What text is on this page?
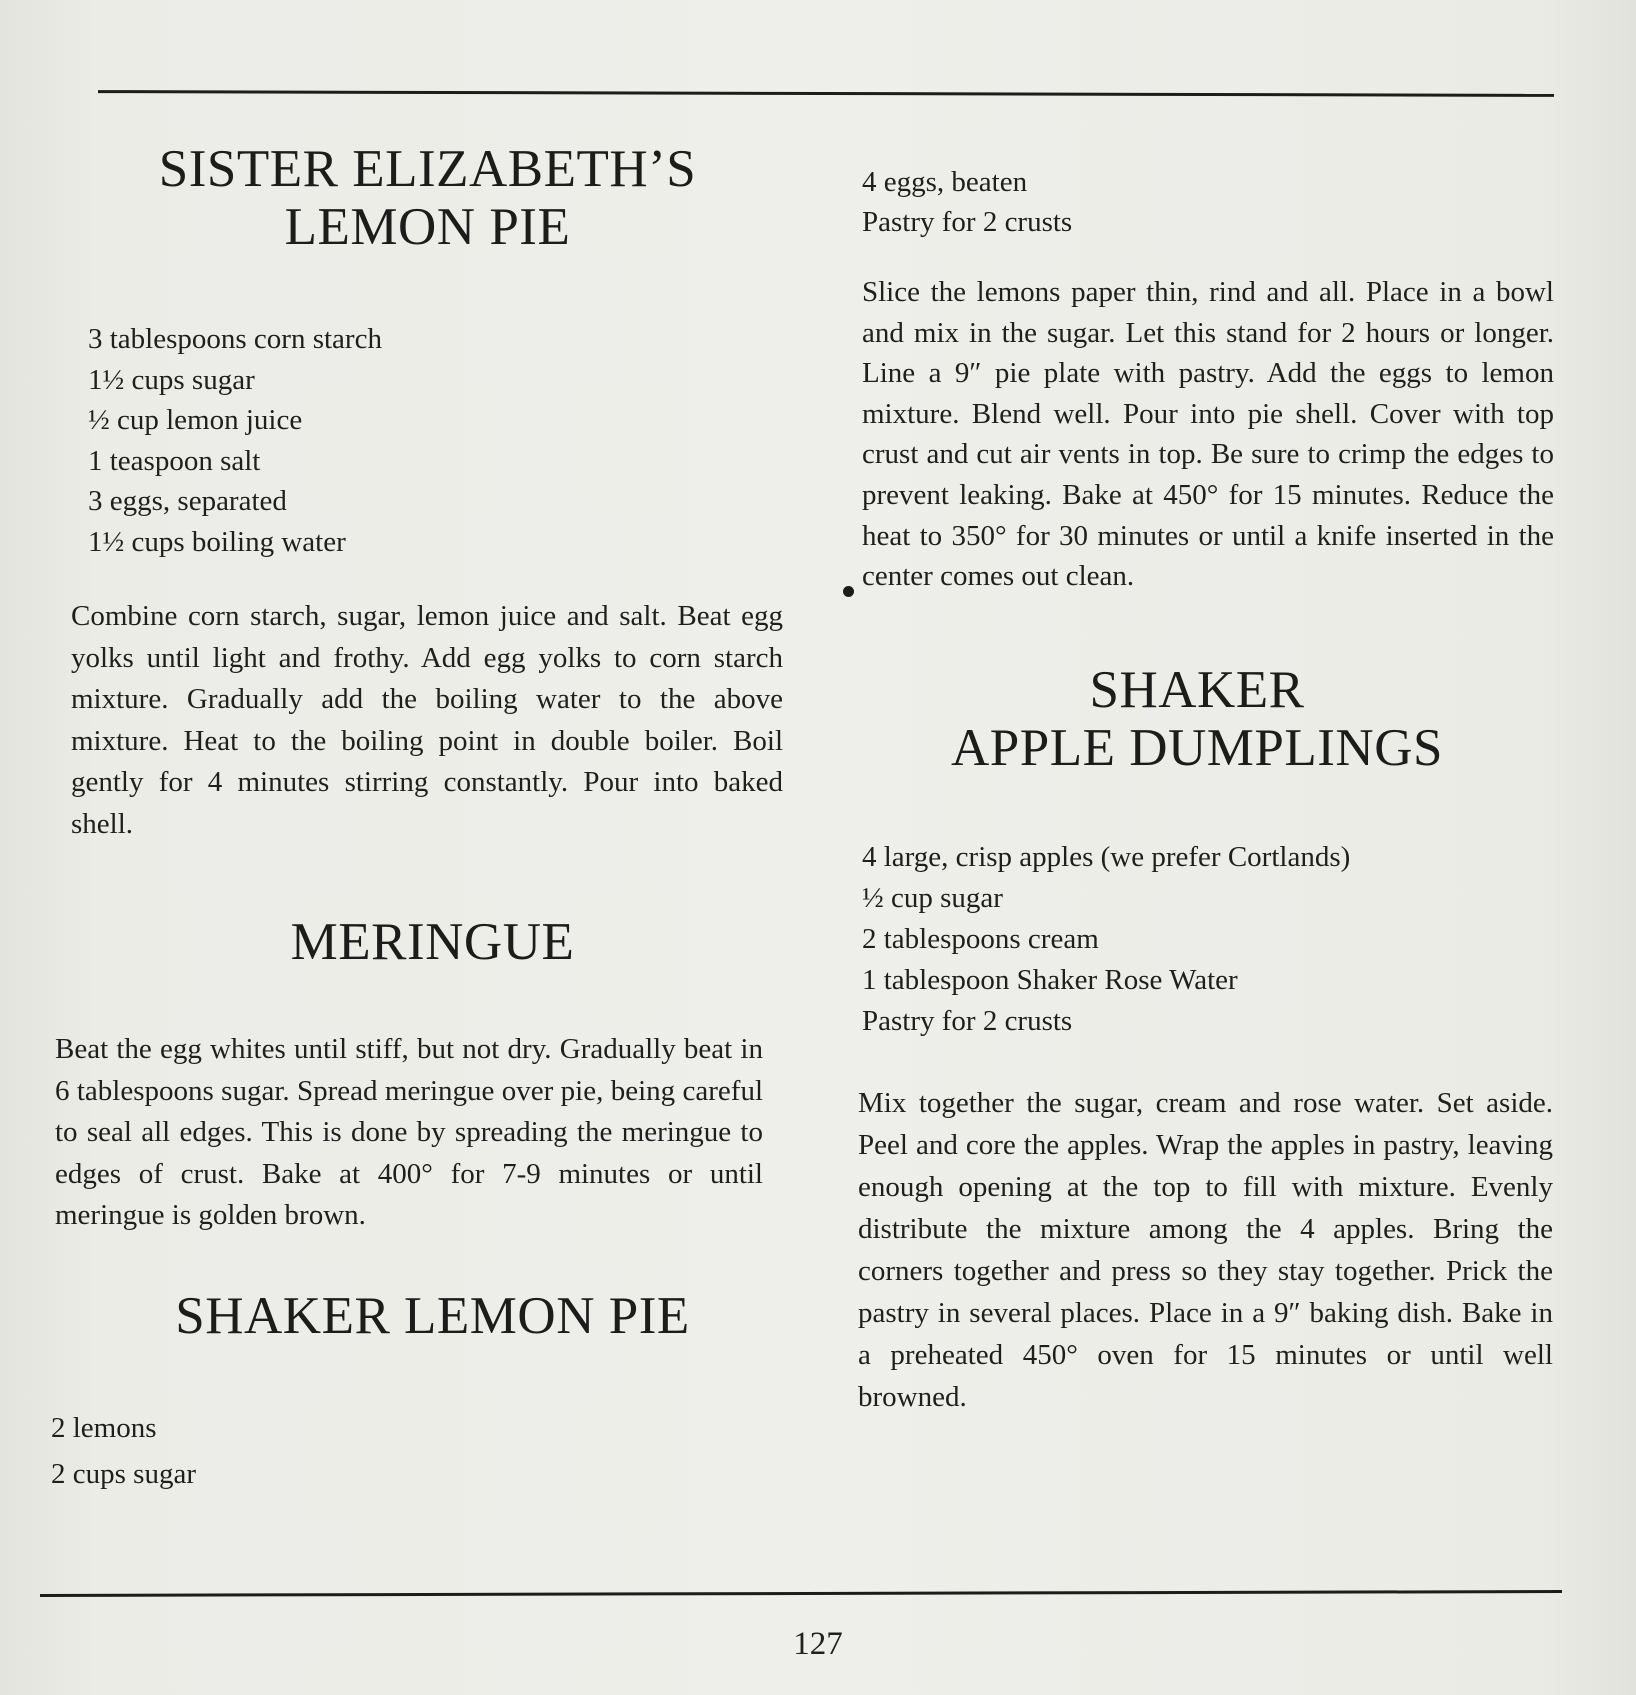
SISTER ELIZABETH’S
LEMON PIE
3 tablespoons corn starch
1½ cups sugar
½ cup lemon juice
1 teaspoon salt
3 eggs, separated
1½ cups boiling water

Combine corn starch, sugar, lemon juice and salt. Beat egg yolks until light and frothy. Add egg yolks to corn starch mixture. Gradually add the boiling water to the above mixture. Heat to the boiling point in double boiler. Boil gently for 4 minutes stirring constantly. Pour into baked shell.

MERINGUE

Beat the egg whites until stiff, but not dry. Gradually beat in 6 tablespoons sugar. Spread meringue over pie, being careful to seal all edges. This is done by spreading the meringue to edges of crust. Bake at 400° for 7-9 minutes or until meringue is golden brown.

SHAKER LEMON PIE
2 lemons
2 cups sugar
4 eggs, beaten
Pastry for 2 crusts

Slice the lemons paper thin, rind and all. Place in a bowl and mix in the sugar. Let this stand for 2 hours or longer. Line a 9″ pie plate with pastry. Add the eggs to lemon mixture. Blend well. Pour into pie shell. Cover with top crust and cut air vents in top. Be sure to crimp the edges to prevent leaking. Bake at 450° for 15 minutes. Reduce the heat to 350° for 30 minutes or until a knife inserted in the center comes out clean.

SHAKER
APPLE DUMPLINGS
4 large, crisp apples (we prefer Cortlands)
½ cup sugar
2 tablespoons cream
1 tablespoon Shaker Rose Water
Pastry for 2 crusts

Mix together the sugar, cream and rose water. Set aside. Peel and core the apples. Wrap the apples in pastry, leaving enough opening at the top to fill with mixture. Evenly distribute the mixture among the 4 apples. Bring the corners together and press so they stay together. Prick the pastry in several places. Place in a 9″ baking dish. Bake in a preheated 450° oven for 15 minutes or until well browned.

127
